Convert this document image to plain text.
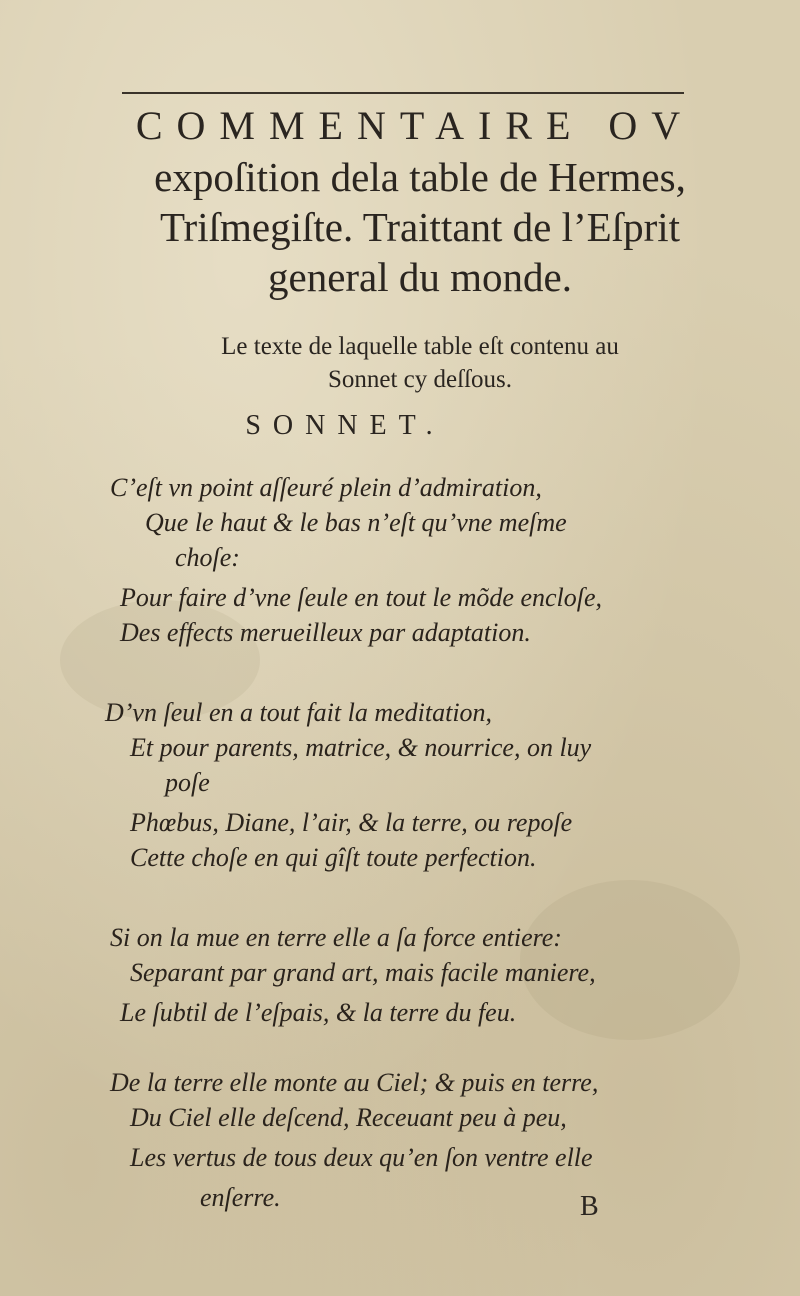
COMMENTAIRE OV
expoſition dela table de Hermes,
Triſmegiſte. Traittant de l’Eſprit
general du monde.
Le texte de laquelle table eſt contenu au
Sonnet cy deſſous.
SONNET.
C’eſt vn point aſſeuré plein d’admiration,
Que le haut & le bas n’eſt qu’vne meſme
choſe:
Pour faire d’vne ſeule en tout le mõde encloſe,
Des effects merueilleux par adaptation.
D’vn ſeul en a tout fait la meditation,
Et pour parents, matrice, & nourrice, on luy
poſe
Phœbus, Diane, l’air, & la terre, ou repoſe
Cette choſe en qui gîſt toute perfection.
Si on la mue en terre elle a ſa force entiere:
Separant par grand art, mais facile maniere,
Le ſubtil de l’eſpais, & la terre du feu.
De la terre elle monte au Ciel; & puis en terre,
Du Ciel elle deſcend, Receuant peu à peu,
Les vertus de tous deux qu’en ſon ventre elle
enſerre.	B
